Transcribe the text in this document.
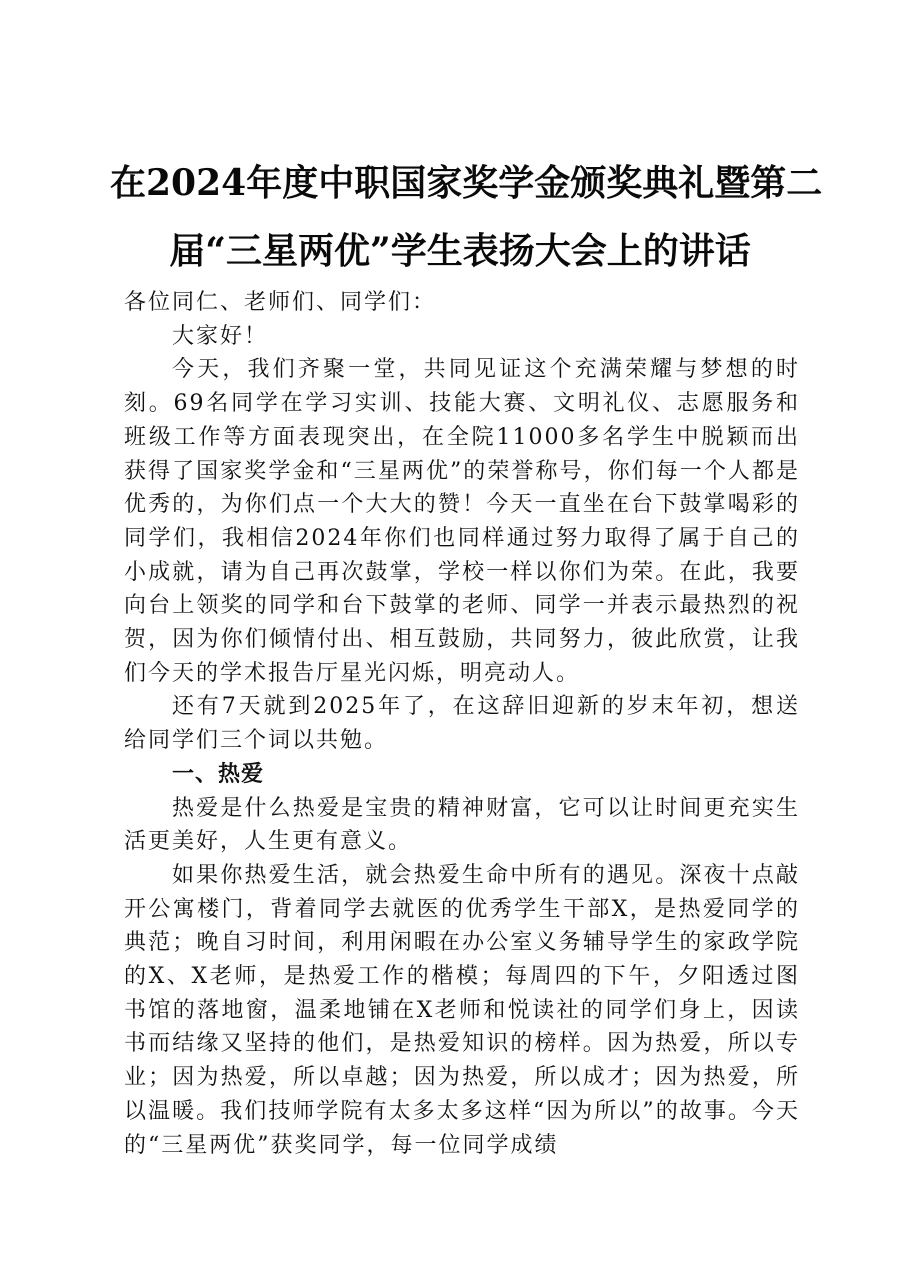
在2024年度中职国家奖学金颁奖典礼暨第二
届“三星两优”学生表扬大会上的讲话

各位同仁、老师们、同学们：

大家好！

今天，我们齐聚一堂，共同见证这个充满荣耀与梦想的时刻。69名同学在学习实训、技能大赛、文明礼仪、志愿服务和班级工作等方面表现突出，在全院11000多名学生中脱颖而出获得了国家奖学金和“三星两优”的荣誉称号，你们每一个人都是优秀的，为你们点一个大大的赞！今天一直坐在台下鼓掌喝彩的同学们，我相信2024年你们也同样通过努力取得了属于自己的小成就，请为自己再次鼓掌，学校一样以你们为荣。在此，我要向台上领奖的同学和台下鼓掌的老师、同学一并表示最热烈的祝贺，因为你们倾情付出、相互鼓励，共同努力，彼此欣赏，让我们今天的学术报告厅星光闪烁，明亮动人。

还有7天就到2025年了，在这辞旧迎新的岁末年初，想送给同学们三个词以共勉。

一、热爱

热爱是什么热爱是宝贵的精神财富，它可以让时间更充实生活更美好，人生更有意义。

如果你热爱生活，就会热爱生命中所有的遇见。深夜十点敲开公寓楼门，背着同学去就医的优秀学生干部X，是热爱同学的典范；晚自习时间，利用闲暇在办公室义务辅导学生的家政学院的X、X老师，是热爱工作的楷模；每周四的下午，夕阳透过图书馆的落地窗，温柔地铺在X老师和悦读社的同学们身上，因读书而结缘又坚持的他们，是热爱知识的榜样。因为热爱，所以专业；因为热爱，所以卓越；因为热爱，所以成才；因为热爱，所以温暖。我们技师学院有太多太多这样“因为所以”的故事。今天的“三星两优”获奖同学，每一位同学成绩
